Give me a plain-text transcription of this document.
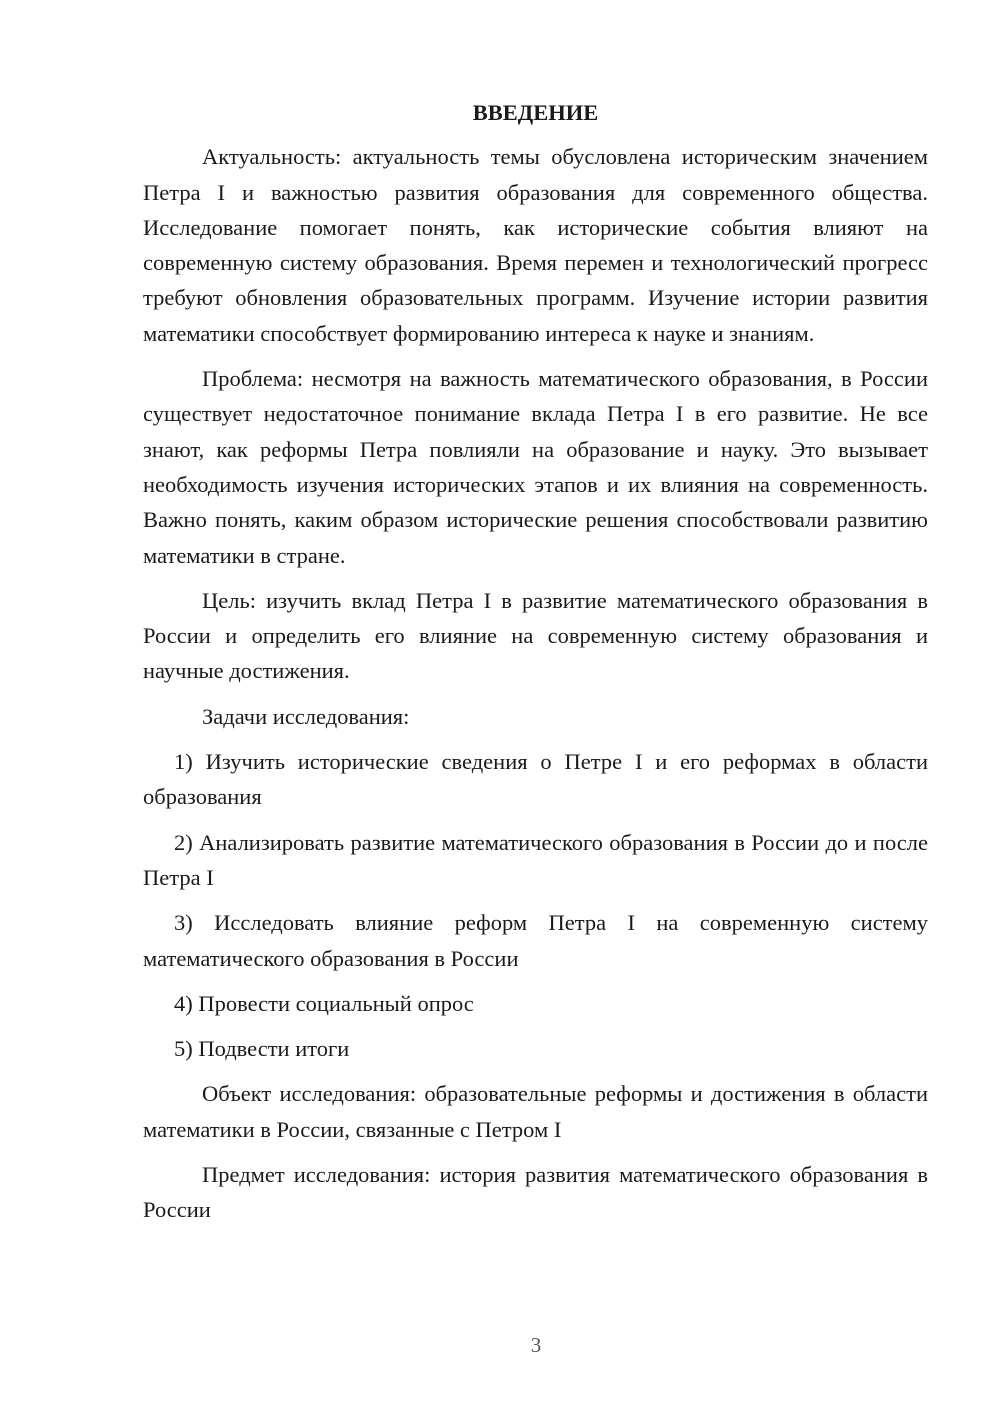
ВВЕДЕНИЕ

Актуальность: актуальность темы обусловлена историческим значением Петра I и важностью развития образования для современного общества. Исследование помогает понять, как исторические события влияют на современную систему образования. Время перемен и технологический прогресс требуют обновления образовательных программ. Изучение истории развития математики способствует формированию интереса к науке и знаниям.

Проблема: несмотря на важность математического образования, в России существует недостаточное понимание вклада Петра I в его развитие. Не все знают, как реформы Петра повлияли на образование и науку. Это вызывает необходимость изучения исторических этапов и их влияния на современность. Важно понять, каким образом исторические решения способствовали развитию математики в стране.

Цель: изучить вклад Петра I в развитие математического образования в России и определить его влияние на современную систему образования и научные достижения.

Задачи исследования:

1) Изучить исторические сведения о Петре I и его реформах в области образования

2) Анализировать развитие математического образования в России до и после Петра I

3) Исследовать влияние реформ Петра I на современную систему математического образования в России

4) Провести социальный опрос

5) Подвести итоги

Объект исследования: образовательные реформы и достижения в области математики в России, связанные с Петром I

Предмет исследования: история развития математического образования в России

3
